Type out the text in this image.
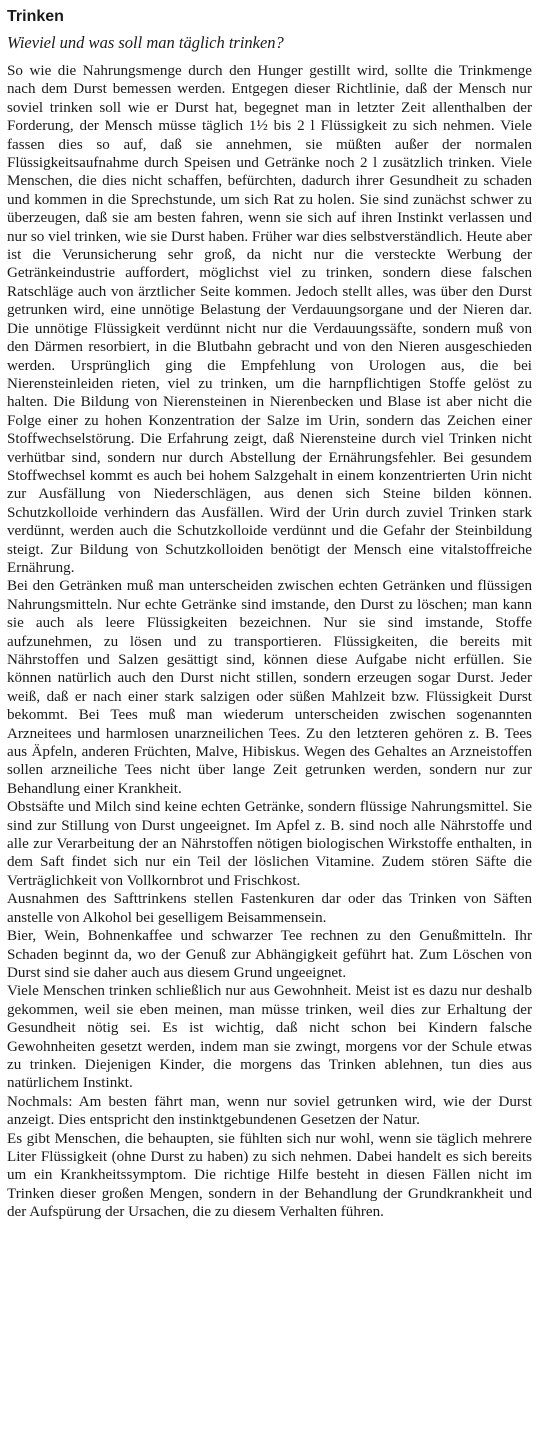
Trinken
Wieviel und was soll man täglich trinken?

So wie die Nahrungsmenge durch den Hunger gestillt wird, sollte die Trinkmenge nach dem Durst bemessen werden. Entgegen dieser Richtlinie, daß der Mensch nur soviel trinken soll wie er Durst hat, begegnet man in letzter Zeit allenthalben der Forderung, der Mensch müsse täglich 1½ bis 2 l Flüssigkeit zu sich nehmen. Viele fassen dies so auf, daß sie annehmen, sie müßten außer der normalen Flüssigkeitsaufnahme durch Speisen und Getränke noch 2 l zusätzlich trinken. Viele Menschen, die dies nicht schaffen, befürchten, dadurch ihrer Gesundheit zu schaden und kommen in die Sprechstunde, um sich Rat zu holen. Sie sind zunächst schwer zu überzeugen, daß sie am besten fahren, wenn sie sich auf ihren Instinkt verlassen und nur so viel trinken, wie sie Durst haben. Früher war dies selbstverständlich. Heute aber ist die Verunsicherung sehr groß, da nicht nur die versteckte Werbung der Getränkeindustrie auffordert, möglichst viel zu trinken, sondern diese falschen Ratschläge auch von ärztlicher Seite kommen. Jedoch stellt alles, was über den Durst getrunken wird, eine unnötige Belastung der Verdauungsorgane und der Nieren dar. Die unnötige Flüssigkeit verdünnt nicht nur die Verdauungssäfte, sondern muß von den Därmen resorbiert, in die Blutbahn gebracht und von den Nieren ausgeschieden werden. Ursprünglich ging die Empfehlung von Urologen aus, die bei Nierensteinleiden rieten, viel zu trinken, um die harnpflichtigen Stoffe gelöst zu halten. Die Bildung von Nierensteinen in Nierenbecken und Blase ist aber nicht die Folge einer zu hohen Konzentration der Salze im Urin, sondern das Zeichen einer Stoffwechselstörung. Die Erfahrung zeigt, daß Nierensteine durch viel Trinken nicht verhütbar sind, sondern nur durch Abstellung der Ernährungsfehler. Bei gesundem Stoffwechsel kommt es auch bei hohem Salzgehalt in einem konzentrierten Urin nicht zur Ausfällung von Niederschlägen, aus denen sich Steine bilden können. Schutzkolloide verhindern das Ausfällen. Wird der Urin durch zuviel Trinken stark verdünnt, werden auch die Schutzkolloide verdünnt und die Gefahr der Steinbildung steigt. Zur Bildung von Schutzkolloiden benötigt der Mensch eine vitalstoffreiche Ernährung.

Bei den Getränken muß man unterscheiden zwischen echten Getränken und flüssigen Nahrungsmitteln. Nur echte Getränke sind imstande, den Durst zu löschen; man kann sie auch als leere Flüssigkeiten bezeichnen. Nur sie sind imstande, Stoffe aufzunehmen, zu lösen und zu transportieren. Flüssigkeiten, die bereits mit Nährstoffen und Salzen gesättigt sind, können diese Aufgabe nicht erfüllen. Sie können natürlich auch den Durst nicht stillen, sondern erzeugen sogar Durst. Jeder weiß, daß er nach einer stark salzigen oder süßen Mahlzeit bzw. Flüssigkeit Durst bekommt. Bei Tees muß man wiederum unterscheiden zwischen sogenannten Arzneitees und harmlosen unarzneilichen Tees. Zu den letzteren gehören z. B. Tees aus Äpfeln, anderen Früchten, Malve, Hibiskus. Wegen des Gehaltes an Arzneistoffen sollen arzneiliche Tees nicht über lange Zeit getrunken werden, sondern nur zur Behandlung einer Krankheit.

Obstsäfte und Milch sind keine echten Getränke, sondern flüssige Nahrungsmittel. Sie sind zur Stillung von Durst ungeeignet. Im Apfel z. B. sind noch alle Nährstoffe und alle zur Verarbeitung der an Nährstoffen nötigen biologischen Wirkstoffe enthalten, in dem Saft findet sich nur ein Teil der löslichen Vitamine. Zudem stören Säfte die Verträglichkeit von Vollkornbrot und Frischkost.

Ausnahmen des Safttrinkens stellen Fastenkuren dar oder das Trinken von Säften anstelle von Alkohol bei geselligem Beisammensein.

Bier, Wein, Bohnenkaffee und schwarzer Tee rechnen zu den Genußmitteln. Ihr Schaden beginnt da, wo der Genuß zur Abhängigkeit geführt hat. Zum Löschen von Durst sind sie daher auch aus diesem Grund ungeeignet.

Viele Menschen trinken schließlich nur aus Gewohnheit. Meist ist es dazu nur deshalb gekommen, weil sie eben meinen, man müsse trinken, weil dies zur Erhaltung der Gesundheit nötig sei. Es ist wichtig, daß nicht schon bei Kindern falsche Gewohnheiten gesetzt werden, indem man sie zwingt, morgens vor der Schule etwas zu trinken. Diejenigen Kinder, die morgens das Trinken ablehnen, tun dies aus natürlichem Instinkt.

Nochmals: Am besten fährt man, wenn nur soviel getrunken wird, wie der Durst anzeigt. Dies entspricht den instinktgebundenen Gesetzen der Natur.

Es gibt Menschen, die behaupten, sie fühlten sich nur wohl, wenn sie täglich mehrere Liter Flüssigkeit (ohne Durst zu haben) zu sich nehmen. Dabei handelt es sich bereits um ein Krankheitssymptom. Die richtige Hilfe besteht in diesen Fällen nicht im Trinken dieser großen Mengen, sondern in der Behandlung der Grundkrankheit und der Aufspürung der Ursachen, die zu diesem Verhalten führen.
